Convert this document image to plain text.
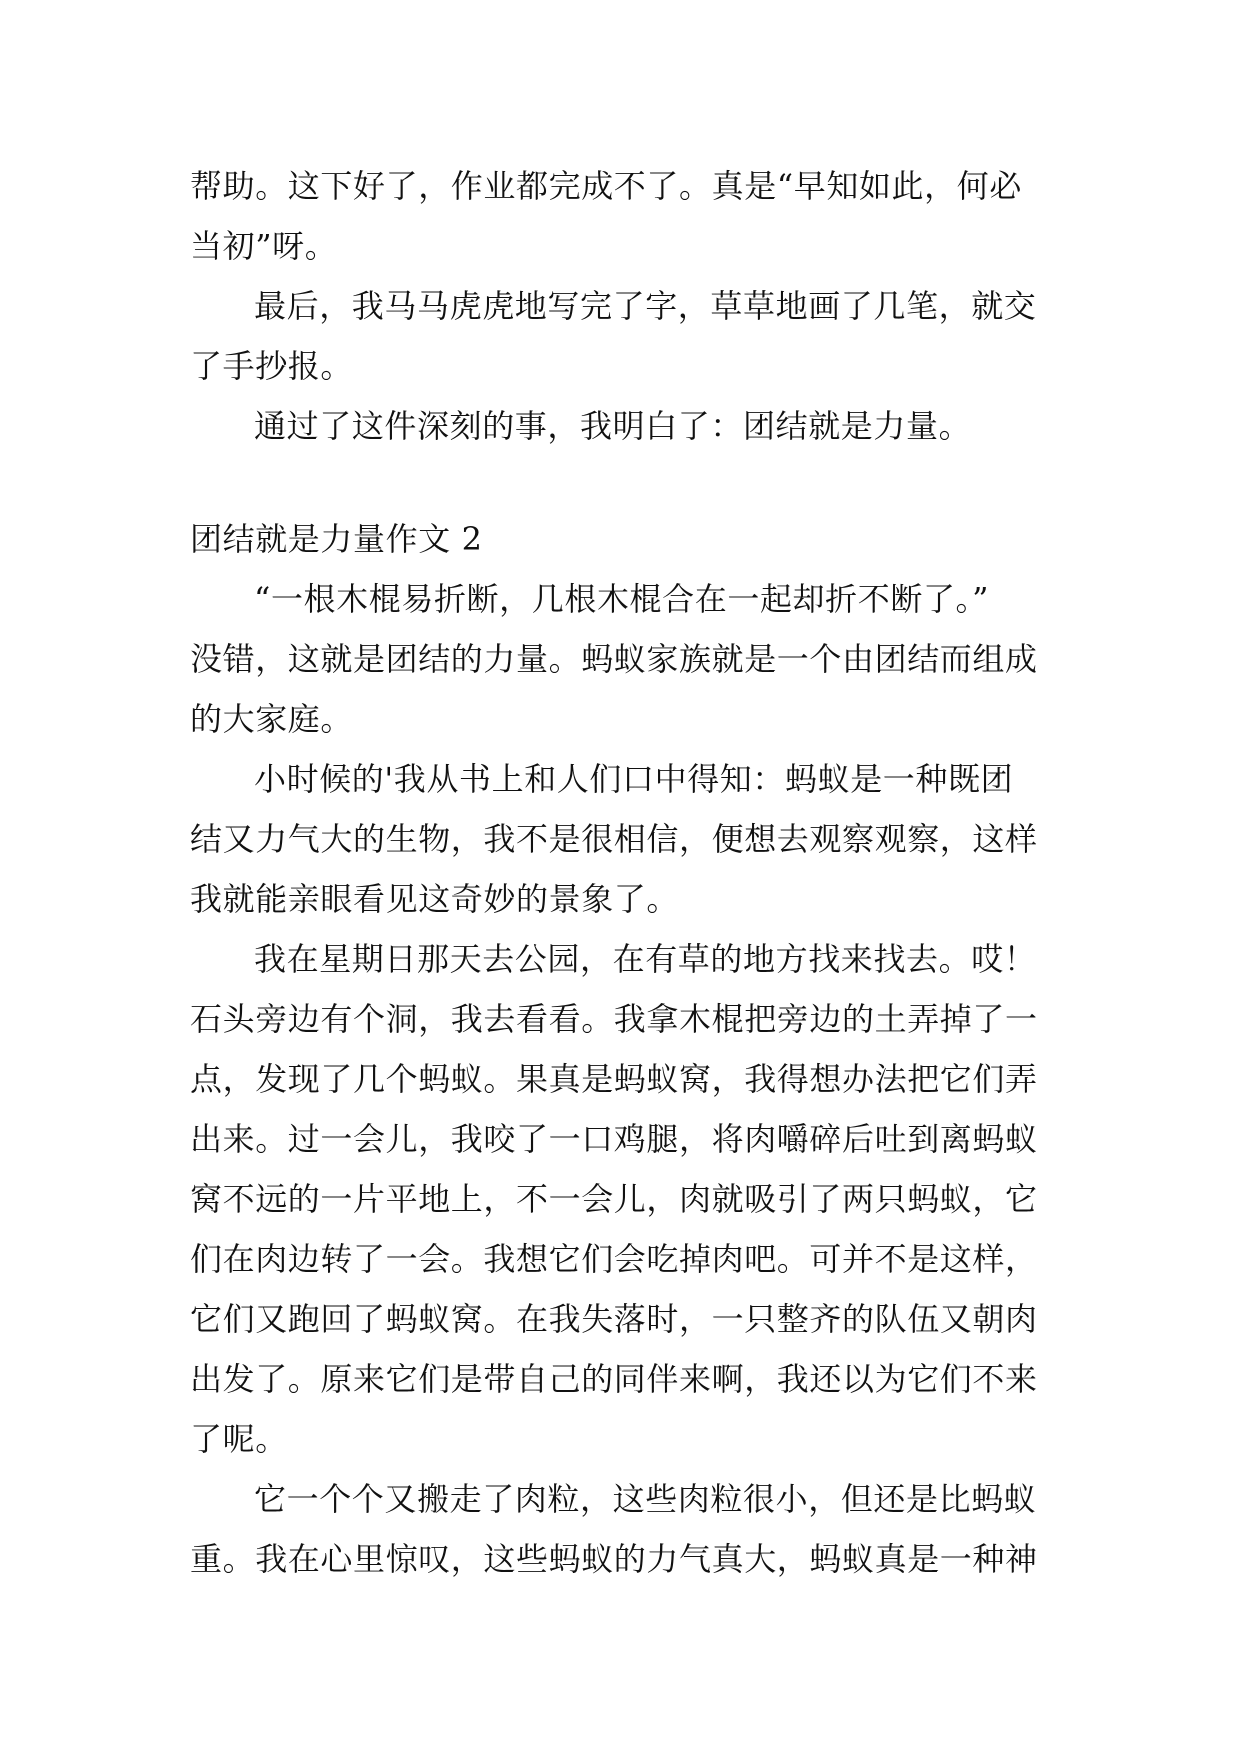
帮助。这下好了，作业都完成不了。真是“早知如此，何必
当初”呀。
最后，我马马虎虎地写完了字，草草地画了几笔，就交
了手抄报。
通过了这件深刻的事，我明白了：团结就是力量。
团结就是力量作文 2
“一根木棍易折断，几根木棍合在一起却折不断了。”
没错，这就是团结的力量。蚂蚁家族就是一个由团结而组成
的大家庭。
小时候的'我从书上和人们口中得知：蚂蚁是一种既团
结又力气大的生物，我不是很相信，便想去观察观察，这样
我就能亲眼看见这奇妙的景象了。
我在星期日那天去公园，在有草的地方找来找去。哎！
石头旁边有个洞，我去看看。我拿木棍把旁边的土弄掉了一
点，发现了几个蚂蚁。果真是蚂蚁窝，我得想办法把它们弄
出来。过一会儿，我咬了一口鸡腿，将肉嚼碎后吐到离蚂蚁
窝不远的一片平地上，不一会儿，肉就吸引了两只蚂蚁，它
们在肉边转了一会。我想它们会吃掉肉吧。可并不是这样，
它们又跑回了蚂蚁窝。在我失落时，一只整齐的队伍又朝肉
出发了。原来它们是带自己的同伴来啊，我还以为它们不来
了呢。
它一个个又搬走了肉粒，这些肉粒很小，但还是比蚂蚁
重。我在心里惊叹，这些蚂蚁的力气真大，蚂蚁真是一种神
